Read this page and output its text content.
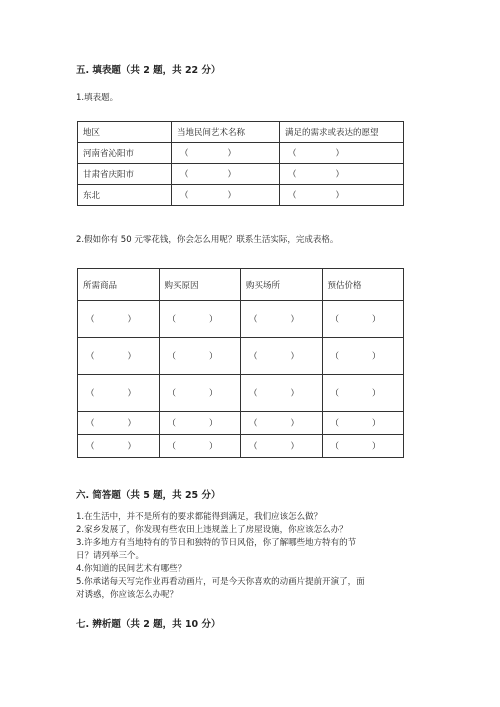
五. 填表题（共 2 题，共 22 分）
1.填表题。
地区	当地民间艺术名称	满足的需求或表达的愿望
河南省沁阳市	（ ）	（ ）

甘肃省庆阳市	（ ）	（ ）

东北	（ ）	（ ）
2.假如你有 50 元零花钱，你会怎么用呢？联系生活实际，完成表格。
所需商品	购买原因	购买场所	预估价格

（ ）	（ ）	（ ）	（ ）

（ ）	（ ）	（ ）	（ ）

（ ）	（ ）	（ ）	（ ）

（ ）	（ ）	（ ）	（ ）

（ ）	（ ）	（ ）	（ ）
六. 简答题（共 5 题，共 25 分）
1.在生活中，并不是所有的要求都能得到满足，我们应该怎么做？
2.家乡发展了，你发现有些农田上违规盖上了房屋设施，你应该怎么办？
3.许多地方有当地特有的节日和独特的节日风俗，你了解哪些地方特有的节
日？请列举三个。
4.你知道的民间艺术有哪些？
5.你承诺每天写完作业再看动画片，可是今天你喜欢的动画片提前开演了，面
对诱惑，你应该怎么办呢？
七. 辨析题（共 2 题，共 10 分）
